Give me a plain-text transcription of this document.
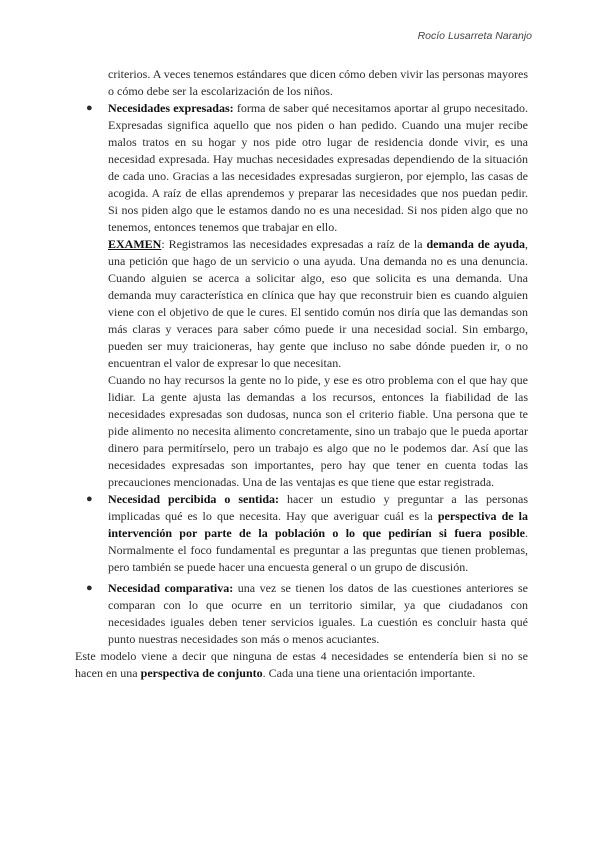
Rocío Lusarreta Naranjo

criterios. A veces tenemos estándares que dicen cómo deben vivir las personas mayores o cómo debe ser la escolarización de los niños.

● Necesidades expresadas: forma de saber qué necesitamos aportar al grupo necesitado. Expresadas significa aquello que nos piden o han pedido. Cuando una mujer recibe malos tratos en su hogar y nos pide otro lugar de residencia donde vivir, es una necesidad expresada. Hay muchas necesidades expresadas dependiendo de la situación de cada uno. Gracias a las necesidades expresadas surgieron, por ejemplo, las casas de acogida. A raíz de ellas aprendemos y preparar las necesidades que nos puedan pedir. Si nos piden algo que le estamos dando no es una necesidad. Si nos piden algo que no tenemos, entonces tenemos que trabajar en ello.

EXAMEN: Registramos las necesidades expresadas a raíz de la demanda de ayuda, una petición que hago de un servicio o una ayuda. Una demanda no es una denuncia. Cuando alguien se acerca a solicitar algo, eso que solicita es una demanda. Una demanda muy característica en clínica que hay que reconstruir bien es cuando alguien viene con el objetivo de que le cures. El sentido común nos diría que las demandas son más claras y veraces para saber cómo puede ir una necesidad social. Sin embargo, pueden ser muy traicioneras, hay gente que incluso no sabe dónde pueden ir, o no encuentran el valor de expresar lo que necesitan.

Cuando no hay recursos la gente no lo pide, y ese es otro problema con el que hay que lidiar. La gente ajusta las demandas a los recursos, entonces la fiabilidad de las necesidades expresadas son dudosas, nunca son el criterio fiable. Una persona que te pide alimento no necesita alimento concretamente, sino un trabajo que le pueda aportar dinero para permitírselo, pero un trabajo es algo que no le podemos dar. Así que las necesidades expresadas son importantes, pero hay que tener en cuenta todas las precauciones mencionadas. Una de las ventajas es que tiene que estar registrada.

● Necesidad percibida o sentida: hacer un estudio y preguntar a las personas implicadas qué es lo que necesita. Hay que averiguar cuál es la perspectiva de la intervención por parte de la población o lo que pedirían si fuera posible. Normalmente el foco fundamental es preguntar a las preguntas que tienen problemas, pero también se puede hacer una encuesta general o un grupo de discusión.

● Necesidad comparativa: una vez se tienen los datos de las cuestiones anteriores se comparan con lo que ocurre en un territorio similar, ya que ciudadanos con necesidades iguales deben tener servicios iguales. La cuestión es concluir hasta qué punto nuestras necesidades son más o menos acuciantes.

Este modelo viene a decir que ninguna de estas 4 necesidades se entendería bien si no se hacen en una perspectiva de conjunto. Cada una tiene una orientación importante.
